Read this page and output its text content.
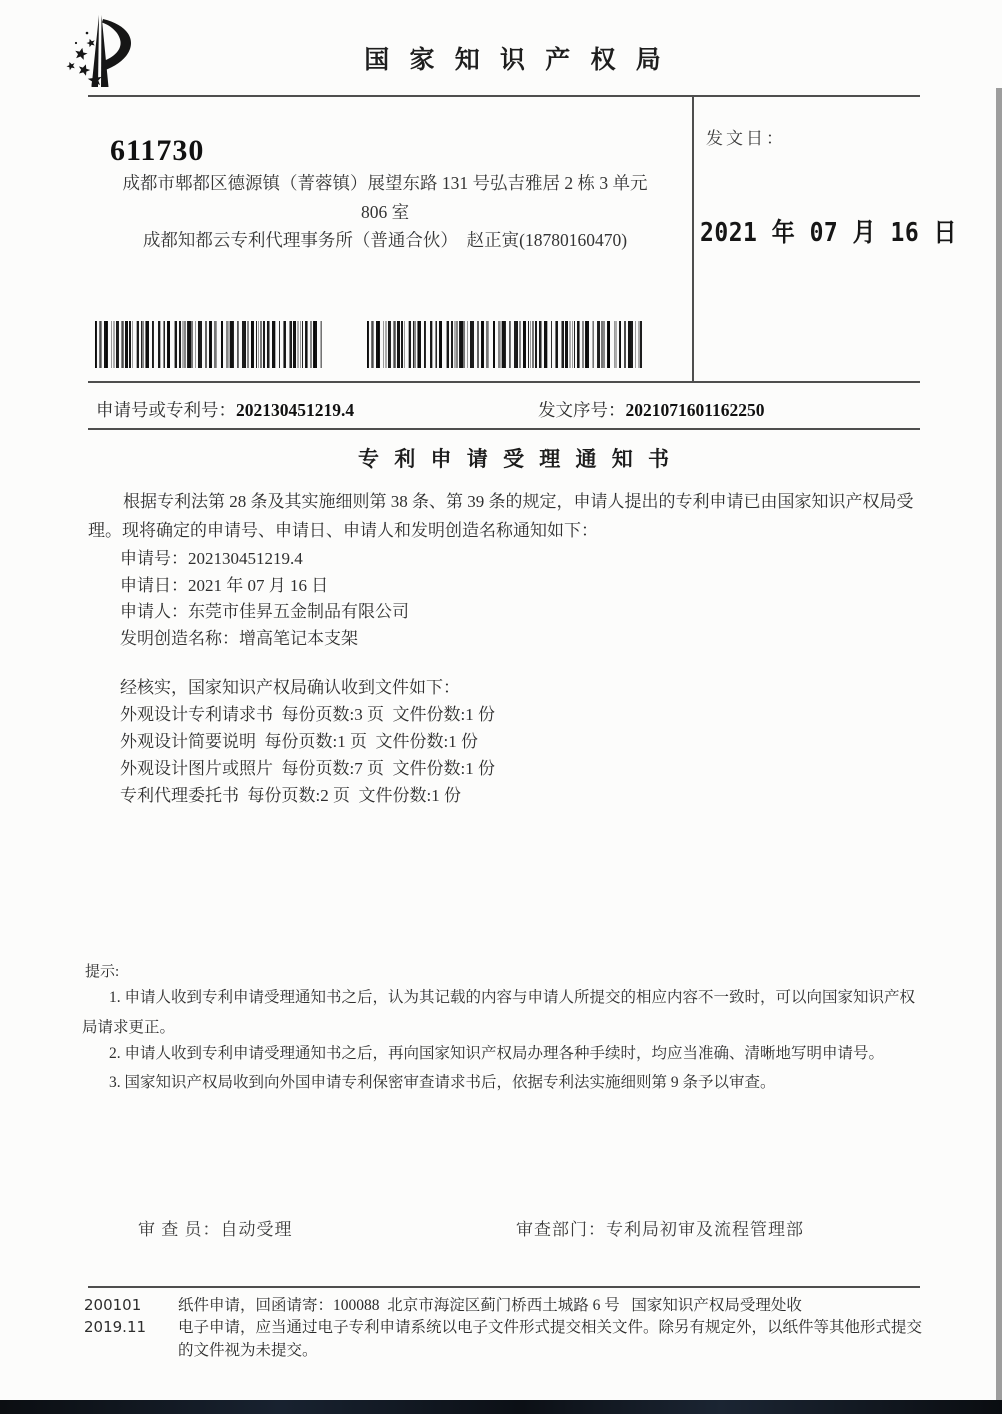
国 家 知 识 产 权 局
611730
成都市郫都区德源镇（菁蓉镇）展望东路 131 号弘吉雅居 2 栋 3 单元
806 室
成都知都云专利代理事务所（普通合伙）  赵正寅(18780160470)
发文日：
2021 年 07 月 16 日
申请号或专利号：202130451219.4	发文序号：2021071601162250
专 利 申 请 受 理 通 知 书
根据专利法第 28 条及其实施细则第 38 条、第 39 条的规定，申请人提出的专利申请已由国家知识产权局受理。现将确定的申请号、申请日、申请人和发明创造名称通知如下：
申请号：202130451219.4
申请日：2021 年 07 月 16 日
申请人：东莞市佳昇五金制品有限公司
发明创造名称：增高笔记本支架
经核实，国家知识产权局确认收到文件如下：
外观设计专利请求书  每份页数:3 页  文件份数:1 份
外观设计简要说明  每份页数:1 页  文件份数:1 份
外观设计图片或照片  每份页数:7 页  文件份数:1 份
专利代理委托书  每份页数:2 页  文件份数:1 份
提示:
1. 申请人收到专利申请受理通知书之后，认为其记载的内容与申请人所提交的相应内容不一致时，可以向国家知识产权局请求更正。
2. 申请人收到专利申请受理通知书之后，再向国家知识产权局办理各种手续时，均应当准确、清晰地写明申请号。
3. 国家知识产权局收到向外国申请专利保密审查请求书后，依据专利法实施细则第 9 条予以审查。
审 查 员：自动受理	审查部门：专利局初审及流程管理部
200101
2019.11
纸件申请，回函请寄：100088  北京市海淀区蓟门桥西土城路 6 号   国家知识产权局受理处收
电子申请，应当通过电子专利申请系统以电子文件形式提交相关文件。除另有规定外，以纸件等其他形式提交的文件视为未提交。
